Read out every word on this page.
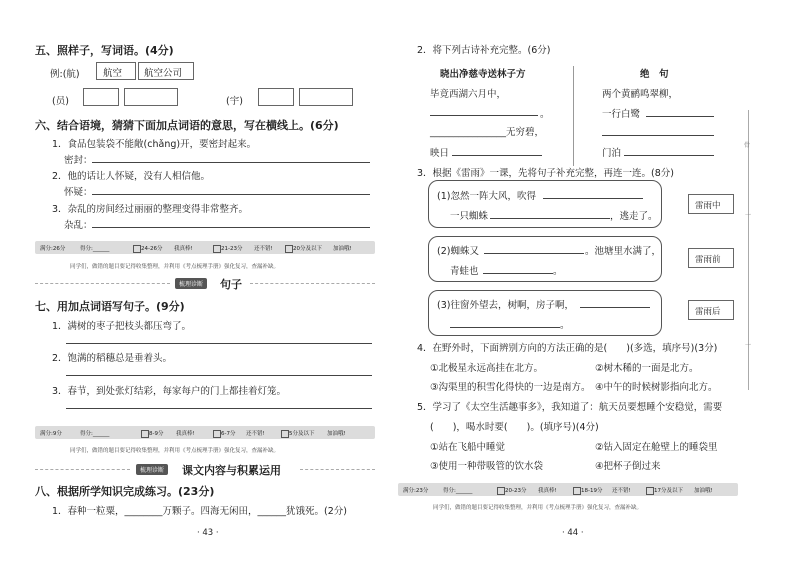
五、照样子，写词语。(4分)
例:(航) 航空 航空公司
(员)	(宇)
六、结合语境，猜猜下面加点词语的意思，写在横线上。(6分)
1．食品包装袋不能敞(chǎng)开，要密封起来。
密封：
2．他的话让人怀疑，没有人相信他。
怀疑：
3．杂乱的房间经过丽丽的整理变得非常整齐。
杂乱：
满分:26分	得分:______	24-26分 我真棒!	21-23分 还不错!	20分及以下 加油哦!
同学们，做错的题目要记得收集整理，并利用《考点梳理手册》强化复习，查漏补缺。
梳理诊断	句子
七、用加点词语写句子。(9分)
1．满树的枣子把枝头都压弯了。
2．饱满的稻穗总是垂着头。
3．春节，到处张灯结彩，每家每户的门上都挂着灯笼。
满分:9分	得分:______	8-9分 我真棒!	6-7分 还不错!	5分及以下 加油哦!
同学们，做错的题目要记得收集整理，并利用《考点梳理手册》强化复习，查漏补缺。
梳理诊断	课文内容与积累运用
八、根据所学知识完成练习。(23分)
1．春种一粒粟，________万颗子。四海无闲田，______犹饿死。(2分)
· 43 ·
2．将下列古诗补充完整。(6分)
晓出净慈寺送林子方
毕竟西湖六月中，
。
________________无穷碧，
映日
绝　句
两个黄鹂鸣翠柳，
一行白鹭
门泊
3．根据《雷雨》一课，先将句子补充完整，再连一连。(8分)
(1)忽然一阵大风，吹得
一只蜘蛛	，逃走了。
(2)蜘蛛又	。池塘里水满了，
青蛙也	。
(3)往窗外望去，树啊，房子啊，
。
雷雨中
雷雨前
雷雨后
4．在野外时，下面辨别方向的方法正确的是(　　)(多选，填序号)(3分)
①北极星永远高挂在北方。	②树木稀的一面是北方。
③沟渠里的积雪化得快的一边是南方。 ④中午的时候树影指向北方。
5．学习了《太空生活趣事多》，我知道了：航天员要想睡个安稳觉，需要
(　　)，喝水时要(　　)。(填序号)(4分)
①站在飞船中睡觉	②钻入固定在舱壁上的睡袋里
③使用一种带吸管的饮水袋	④把杯子倒过来
满分:23分	得分:______	20-23分 我真棒!	18-19分 还不错!	17分及以下 加油哦!
同学们，做错的题目要记得收集整理，并利用《考点梳理手册》强化复习，查漏补缺。
· 44 ·
骨
一
一
